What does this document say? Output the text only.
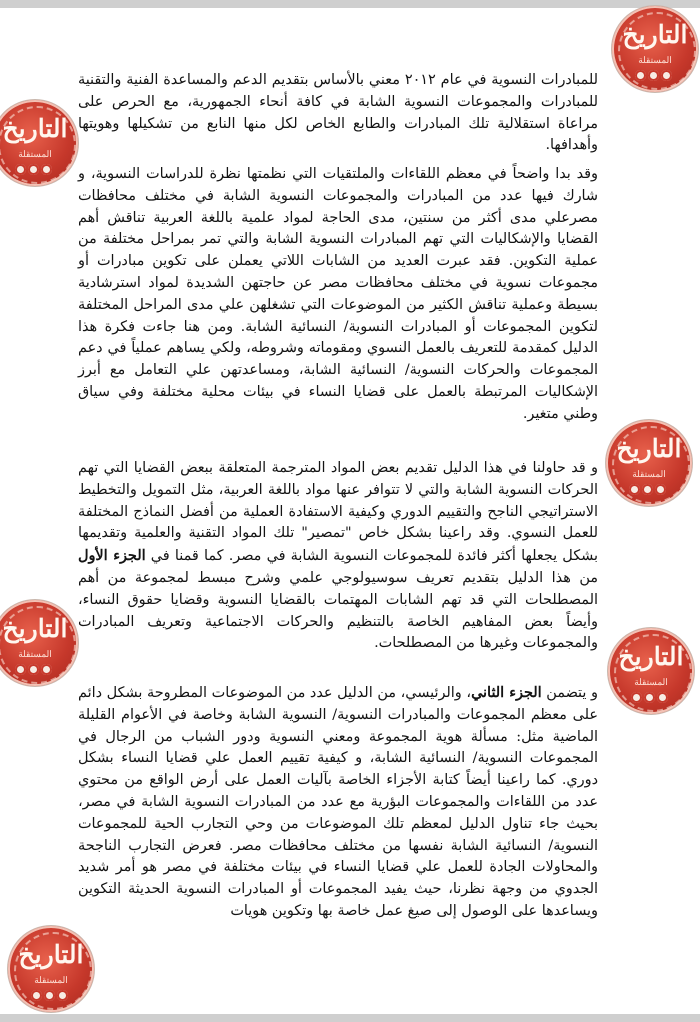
التاريخ
المستقلة
التاريخ
المستقلة
التاريخ
المستقلة
التاريخ
المستقلة	التاريخ
المستقلة
التاريخ
المستقلة

للمبادرات النسوية في عام ٢٠١٢ معني بالأساس بتقديم الدعم والمساعدة الفنية والتقنية للمبادرات والمجموعات النسوية الشابة في كافة أنحاء الجمهورية، مع الحرص على مراعاة استقلالية تلك المبادرات والطابع الخاص لكل منها النابع من تشكيلها وهويتها وأهدافها.

وقد بدا واضحاً في معظم اللقاءات والملتقيات التي نظمتها نظرة للدراسات النسوية، و شارك فيها عدد من المبادرات والمجموعات النسوية الشابة في مختلف محافظات مصرعلي مدى أكثر من سنتين، مدى الحاجة لمواد علمية باللغة العربية تناقش أهم القضايا والإشكاليات التي تهم المبادرات النسوية الشابة والتي تمر بمراحل مختلفة من عملية التكوين. فقد عبرت العديد من الشابات اللاتي يعملن على تكوين مبادرات أو مجموعات نسوية في مختلف محافظات مصر عن حاجتهن الشديدة لمواد استرشادية بسيطة وعملية تناقش الكثير من الموضوعات التي تشغلهن علي مدى المراحل المختلفة لتكوين المجموعات أو المبادرات النسوية/ النسائية الشابة. ومن هنا جاءت فكرة هذا الدليل كمقدمة للتعريف بالعمل النسوي ومقوماته وشروطه، ولكي يساهم عملياً في دعم المجموعات والحركات النسوية/ النسائية الشابة، ومساعدتهن علي التعامل مع أبرز الإشكاليات المرتبطة بالعمل على قضايا النساء في بيئات محلية مختلفة وفي سياق وطني متغير.

و قد حاولنا في هذا الدليل تقديم بعض المواد المترجمة المتعلقة ببعض القضايا التي تهم الحركات النسوية الشابة والتي لا تتوافر عنها مواد باللغة العربية، مثل التمويل والتخطيط الاستراتيجي الناجح والتقييم الدوري وكيفية الاستفادة العملية من أفضل النماذج المختلفة للعمل النسوي. وقد راعينا بشكل خاص "تمصير" تلك المواد التقنية والعلمية وتقديمها بشكل يجعلها أكثر فائدة للمجموعات النسوية الشابة في مصر. كما قمنا في الجزء الأول من هذا الدليل بتقديم تعريف سوسيولوجي علمي وشرح مبسط لمجموعة من أهم المصطلحات التي قد تهم الشابات المهتمات بالقضايا النسوية وقضايا حقوق النساء، وأيضاً بعض المفاهيم الخاصة بالتنظيم والحركات الاجتماعية وتعريف المبادرات والمجموعات وغيرها من المصطلحات.

و يتضمن الجزء الثاني، والرئيسي، من الدليل عدد من الموضوعات المطروحة بشكل دائم على معظم المجموعات والمبادرات النسوية/ النسوية الشابة وخاصة في الأعوام القليلة الماضية مثل: مسألة هوية المجموعة ومعني النسوية ودور الشباب من الرجال في المجموعات النسوية/ النسائية الشابة، و كيفية تقييم العمل علي قضايا النساء بشكل دوري. كما راعينا أيضاً كتابة الأجزاء الخاصة بآليات العمل على أرض الواقع من محتوي عدد من اللقاءات والمجموعات البؤرية مع عدد من المبادرات النسوية الشابة في مصر، بحيث جاء تناول الدليل لمعظم تلك الموضوعات من وحي التجارب الحية للمجموعات النسوية/ النسائية الشابة نفسها من مختلف محافظات مصر. فعرض التجارب الناجحة والمحاولات الجادة للعمل علي قضايا النساء في بيئات مختلفة في مصر هو أمر شديد الجدوي من وجهة نظرنا، حيث يفيد المجموعات أو المبادرات النسوية الحديثة التكوين ويساعدها على الوصول إلى صيغ عمل خاصة بها وتكوين هويات
